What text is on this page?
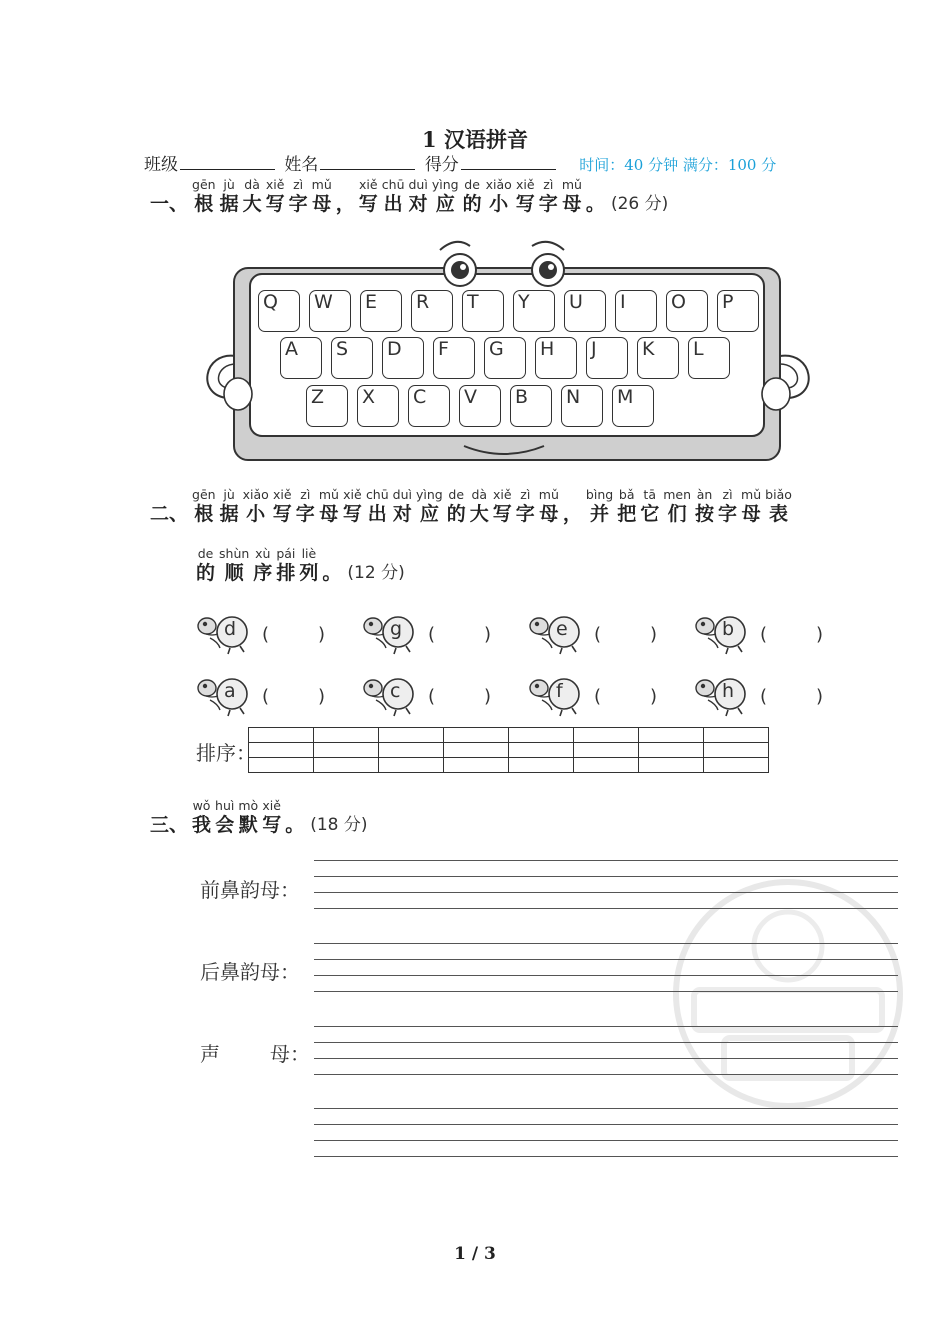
1 汉语拼音
班级	姓名	得分	时间：40 分钟 满分：100 分
一、
gēn
根
jù
据
dà
大
xiě
写
zì
字
mǔ
母 ，
xiě
写
chū
出
duì
对
yìng
应
de
的
xiǎo
小
xiě
写
zì
字
mǔ
母 。 (26 分)
Q	W	E	R	T	Y	U	I	O	P
A	S	D	F	G	H	J	K	L
Z	X	C	V	B	N	M
二、
gēn
根
jù
据
xiǎo
小
xiě
写
zì
字
mǔ
母
xiě
写
chū
出
duì
对
yìng
应
de
的
dà
大
xiě
写
zì
字
mǔ
母 ，
bìng
并
bǎ
把
tā
它
men
们
àn
按
zì
字
mǔ
母
biǎo
表
de
的
shùn
顺
xù
序
pái
排
liè
列 。 (12 分)
d (	)	g (	)	e (	)	b (	)
a (	)	c (	)	f (	)	h (	)
排序：

三、
wǒ
我
huì
会
mò
默
xiě
写 。 (18 分)
前鼻韵母：
后鼻韵母：
声	母：
1 / 3
